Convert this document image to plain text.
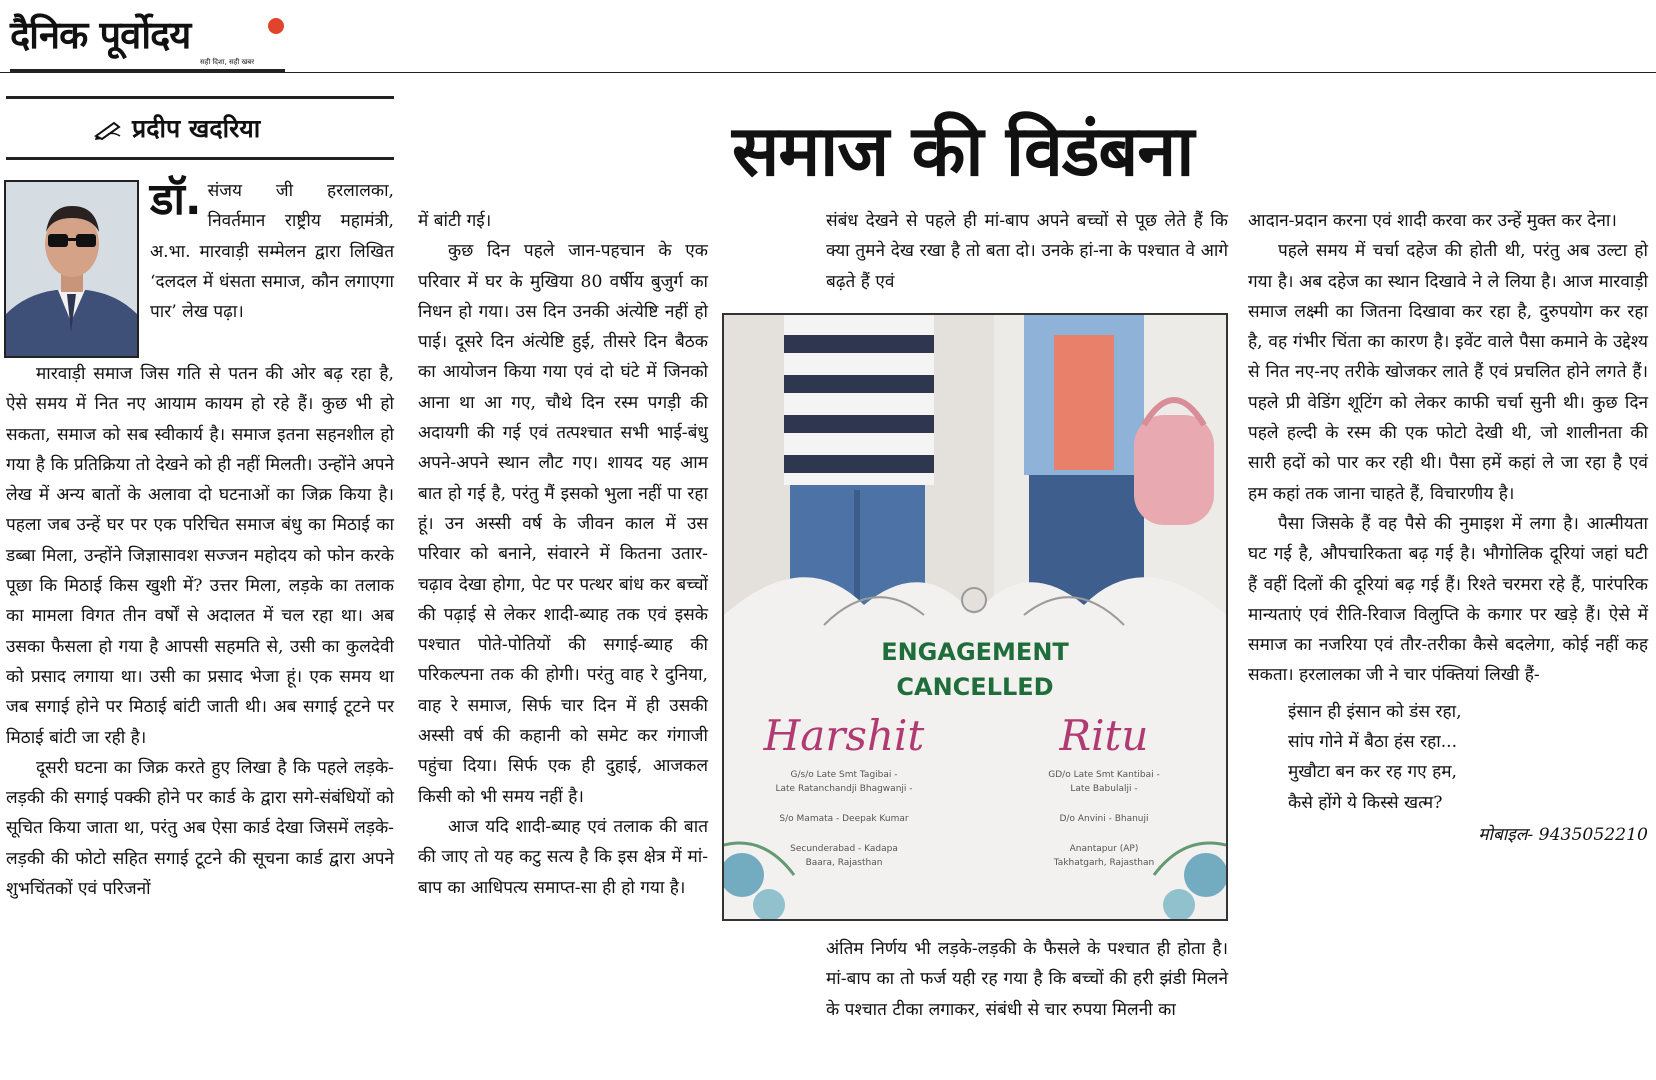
दैनिक पूर्वोदय
सही दिशा, सही खबर
प्रदीप खदरिया	समाज की विडंबना
डॉ. संजय जी हरलालका, निवर्तमान राष्ट्रीय महामंत्री, अ.भा. मारवाड़ी सम्मेलन द्वारा लिखित ‘दलदल में धंसता समाज, कौन लगाएगा पार’ लेख पढ़ा।

मारवाड़ी समाज जिस गति से पतन की ओर बढ़ रहा है, ऐसे समय में नित नए आयाम कायम हो रहे हैं। कुछ भी हो सकता, समाज को सब स्वीकार्य है। समाज इतना सहनशील हो गया है कि प्रतिक्रिया तो देखने को ही नहीं मिलती। उन्होंने अपने लेख में अन्य बातों के अलावा दो घटनाओं का जिक्र किया है। पहला जब उन्हें घर पर एक परिचित समाज बंधु का मिठाई का डब्बा मिला, उन्होंने जिज्ञासावश सज्जन महोदय को फोन करके पूछा कि मिठाई किस खुशी में? उत्तर मिला, लड़के का तलाक का मामला विगत तीन वर्षों से अदालत में चल रहा था। अब उसका फैसला हो गया है आपसी सहमति से, उसी का कुलदेवी को प्रसाद लगाया था। उसी का प्रसाद भेजा हूं। एक समय था जब सगाई होने पर मिठाई बांटी जाती थी। अब सगाई टूटने पर मिठाई बांटी जा रही है।

दूसरी घटना का जिक्र करते हुए लिखा है कि पहले लड़के-लड़की की सगाई पक्की होने पर कार्ड के द्वारा सगे-संबंधियों को सूचित किया जाता था, परंतु अब ऐसा कार्ड देखा जिसमें लड़के-लड़की की फोटो सहित सगाई टूटने की सूचना कार्ड द्वारा अपने शुभचिंतकों एवं परिजनों

में बांटी गई।

कुछ दिन पहले जान-पहचान के एक परिवार में घर के मुखिया 80 वर्षीय बुजुर्ग का निधन हो गया। उस दिन उनकी अंत्येष्टि नहीं हो पाई। दूसरे दिन अंत्येष्टि हुई, तीसरे दिन बैठक का आयोजन किया गया एवं दो घंटे में जिनको आना था आ गए, चौथे दिन रस्म पगड़ी की अदायगी की गई एवं तत्पश्चात सभी भाई-बंधु अपने-अपने स्थान लौट गए। शायद यह आम बात हो गई है, परंतु मैं इसको भुला नहीं पा रहा हूं। उन अस्सी वर्ष के जीवन काल में उस परिवार को बनाने, संवारने में कितना उतार-चढ़ाव देखा होगा, पेट पर पत्थर बांध कर बच्चों की पढ़ाई से लेकर शादी-ब्याह तक एवं इसके पश्चात पोते-पोतियों की सगाई-ब्याह की परिकल्पना तक की होगी। परंतु वाह रे दुनिया, वाह रे समाज, सिर्फ चार दिन में ही उसकी अस्सी वर्ष की कहानी को समेट कर गंगाजी पहुंचा दिया। सिर्फ एक ही दुहाई, आजकल किसी को भी समय नहीं है।

आज यदि शादी-ब्याह एवं तलाक की बात की जाए तो यह कटु सत्य है कि इस क्षेत्र में मां-बाप का आधिपत्य समाप्त-सा ही हो गया है।

संबंध देखने से पहले ही मां-बाप अपने बच्चों से पूछ लेते हैं कि क्या तुमने देख रखा है तो बता दो। उनके हां-ना के पश्चात वे आगे बढ़ते हैं एवं

अंतिम निर्णय भी लड़के-लड़की के फैसले के पश्चात ही होता है। मां-बाप का तो फर्ज यही रह गया है कि बच्चों की हरी झंडी मिलने के पश्चात टीका लगाकर, संबंधी से चार रुपया मिलनी का

आदान-प्रदान करना एवं शादी करवा कर उन्हें मुक्त कर देना।

पहले समय में चर्चा दहेज की होती थी, परंतु अब उल्टा हो गया है। अब दहेज का स्थान दिखावे ने ले लिया है। आज मारवाड़ी समाज लक्ष्मी का जितना दिखावा कर रहा है, दुरुपयोग कर रहा है, वह गंभीर चिंता का कारण है। इवेंट वाले पैसा कमाने के उद्देश्य से नित नए-नए तरीके खोजकर लाते हैं एवं प्रचलित होने लगते हैं। पहले प्री वेडिंग शूटिंग को लेकर काफी चर्चा सुनी थी। कुछ दिन पहले हल्दी के रस्म की एक फोटो देखी थी, जो शालीनता की सारी हदों को पार कर रही थी। पैसा हमें कहां ले जा रहा है एवं हम कहां तक जाना चाहते हैं, विचारणीय है।

पैसा जिसके हैं वह पैसे की नुमाइश में लगा है। आत्मीयता घट गई है, औपचारिकता बढ़ गई है। भौगोलिक दूरियां जहां घटी हैं वहीं दिलों की दूरियां बढ़ गई हैं। रिश्ते चरमरा रहे हैं, पारंपरिक मान्यताएं एवं रीति-रिवाज विलुप्ति के कगार पर खड़े हैं। ऐसे में समाज का नजरिया एवं तौर-तरीका कैसे बदलेगा, कोई नहीं कह सकता। हरलालका जी ने चार पंक्तियां लिखी हैं-

इंसान ही इंसान को डंस रहा,
सांप गोने में बैठा हंस रहा...
मुखौटा बन कर रह गए हम,
कैसे होंगे ये किस्से खत्म?
मोबाइल- 9435052210
ENGAGEMENT
CANCELLED
Harshit	Ritu
G/s/o Late Smt Tagibai -
Late Ratanchandji Bhagwanji -
S/o Mamata - Deepak Kumar
Secunderabad - Kadapa
Baara, Rajasthan
GD/o Late Smt Kantibai -
Late Babulalji -
D/o Anvini - Bhanuji
Anantapur (AP)
Takhatgarh, Rajasthan
